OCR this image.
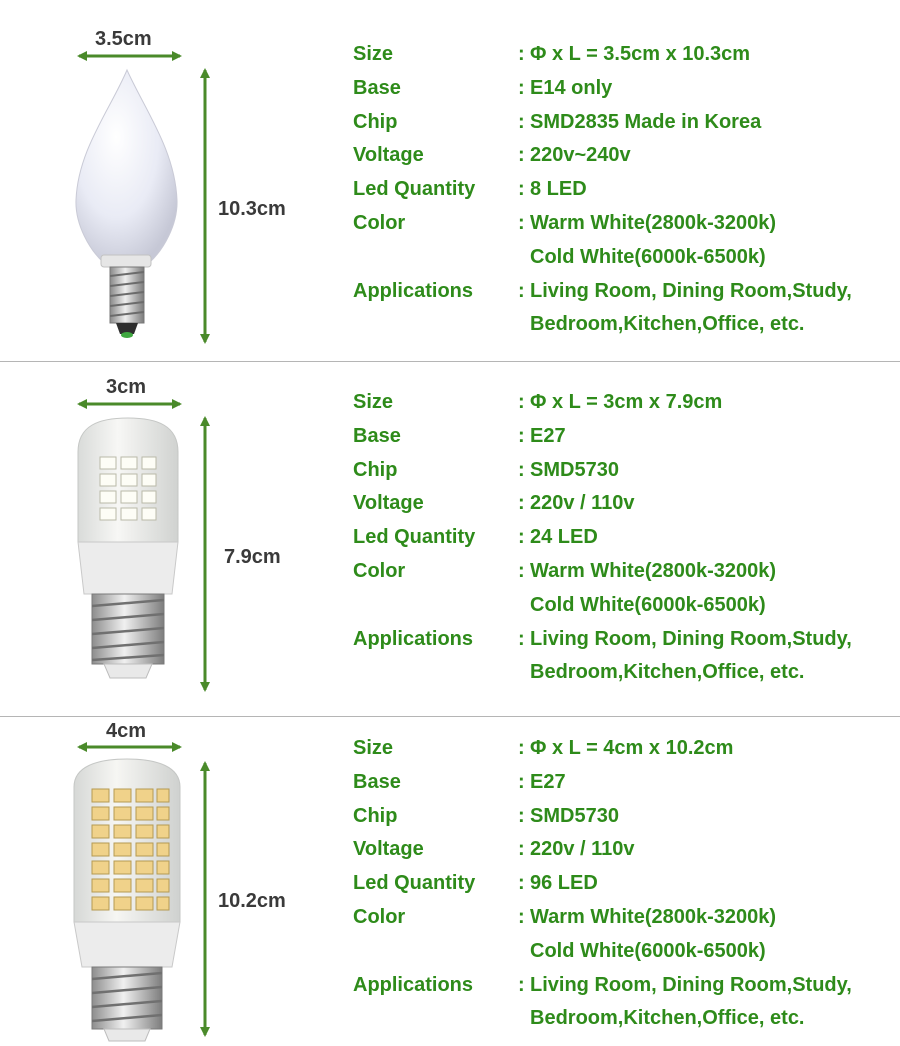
3.5cm
10.3cm
Size	: Φ x L = 3.5cm x 10.3cm
Base	: E14 only
Chip	: SMD2835 Made in Korea
Voltage	: 220v~240v
Led Quantity : 8 LED
Color	: Warm White(2800k-3200k)
Cold White(6000k-6500k)
Applications : Living Room, Dining Room,Study,
Bedroom,Kitchen,Office, etc.
3cm
7.9cm
Size	: Φ x L = 3cm x 7.9cm
Base	: E27
Chip	: SMD5730
Voltage	: 220v / 110v
Led Quantity : 24 LED
Color	: Warm White(2800k-3200k)
Cold White(6000k-6500k)
Applications : Living Room, Dining Room,Study,
Bedroom,Kitchen,Office, etc.
4cm
10.2cm
Size	: Φ x L = 4cm x 10.2cm
Base	: E27
Chip	: SMD5730
Voltage	: 220v / 110v
Led Quantity : 96 LED
Color	: Warm White(2800k-3200k)
Cold White(6000k-6500k)
Applications : Living Room, Dining Room,Study,
Bedroom,Kitchen,Office, etc.
